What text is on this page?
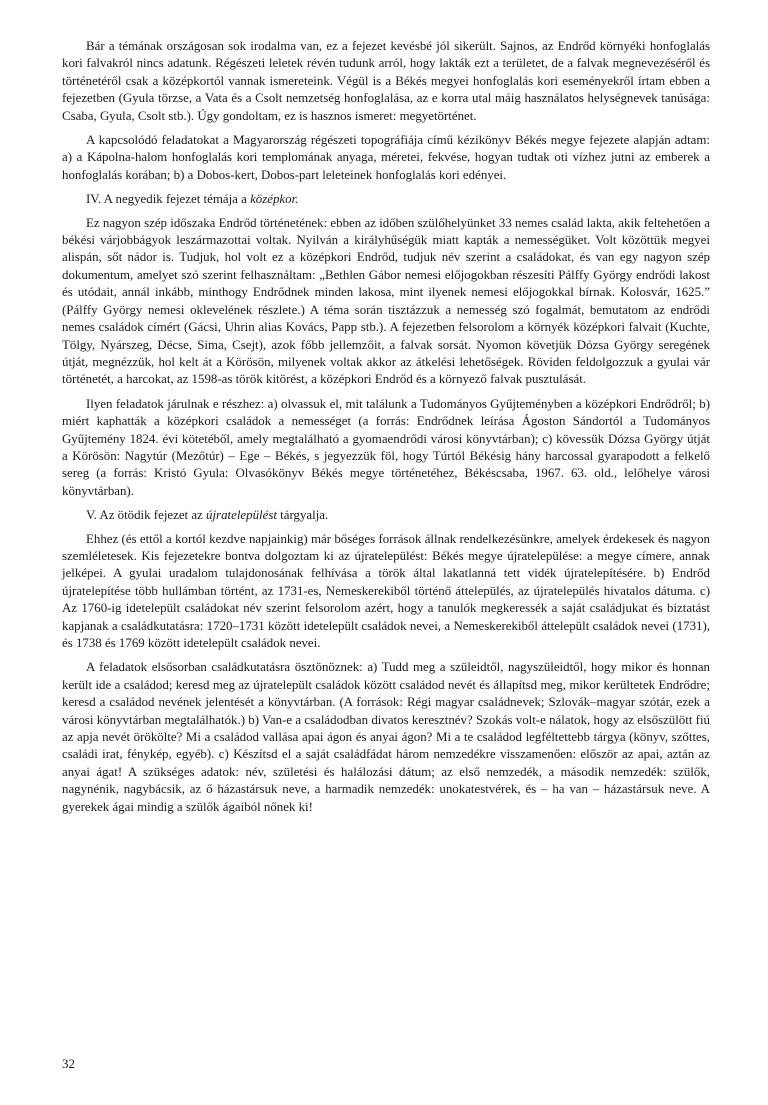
Bár a témának országosan sok irodalma van, ez a fejezet kevésbé jól sikerült. Sajnos, az Endrőd környéki honfoglalás kori falvakról nincs adatunk. Régészeti leletek révén tudunk arról, hogy lakták ezt a területet, de a falvak megnevezéséről és történetéről csak a középkortól vannak ismereteink. Végül is a Békés megyei honfoglalás kori eseményekről írtam ebben a fejezetben (Gyula törzse, a Vata és a Csolt nemzetség honfoglalása, az e korra utal máig használatos helységnevek tanúsága: Csaba, Gyula, Csolt stb.). Úgy gondoltam, ez is hasznos ismeret: megyetörténet.

A kapcsolódó feladatokat a Magyarország régészeti topográfiája című kézikönyv Békés megye fejezete alapján adtam: a) a Kápolna-halom honfoglalás kori templomának anyaga, méretei, fekvése, hogyan tudtak oti vízhez jutni az emberek a honfoglalás korában; b) a Dobos-kert, Dobos-part leleteinek honfoglalás kori edényei.

IV. A negyedik fejezet témája a középkor.

Ez nagyon szép időszaka Endrőd történetének: ebben az időben szülőhelyünket 33 nemes család lakta, akik feltehetően a békési várjobbágyok leszármazottai voltak. Nyilván a királyhűségük miatt kapták a nemességüket. Volt közöttük megyei alispán, sőt nádor is. Tudjuk, hol volt ez a középkori Endrőd, tudjuk név szerint a családokat, és van egy nagyon szép dokumentum, amelyet szó szerint felhasználtam: „Bethlen Gábor nemesi előjogokban részesíti Pálffy György endrődi lakost és utódait, annál inkább, minthogy Endrődnek minden lakosa, mint ilyenek nemesi előjogokkal bírnak. Kolosvár, 1625.” (Pálffy György nemesi oklevelének részlete.) A téma során tisztázzuk a nemesség szó fogalmát, bemutatom az endrődi nemes családok címért (Gácsi, Uhrin alias Kovács, Papp stb.). A fejezetben felsorolom a környék középkori falvait (Kuchte, Tölgy, Nyárszeg, Décse, Sima, Csejt), azok főbb jellemzőit, a falvak sorsát. Nyomon követjük Dózsa György seregének útját, megnézzük, hol kelt át a Körösön, milyenek voltak akkor az átkelési lehetőségek. Röviden feldolgozzuk a gyulai vár történetét, a harcokat, az 1598-as török kitörést, a középkori Endrőd és a környező falvak pusztulását.

Ilyen feladatok járulnak e részhez: a) olvassuk el, mit találunk a Tudományos Gyűjteményben a középkori Endrődről; b) miért kaphatták a középkori családok a nemességet (a forrás: Endrődnek leírása Ágoston Sándortól a Tudományos Gyűjtemény 1824. évi kötetéből, amely megtalálható a gyomaendrődi városi könyvtárban); c) kövessük Dózsa György útját a Körösön: Nagytúr (Mezőtúr) – Ege – Békés, s jegyezzük föl, hogy Túrtól Békésig hány harcossal gyarapodott a felkelő sereg (a forrás: Kristó Gyula: Olvasókönyv Békés megye történetéhez, Békéscsaba, 1967. 63. old., lelőhelye városi könyvtárban).

V. Az ötödik fejezet az újratelepülést tárgyalja.

Ehhez (és ettől a kortól kezdve napjainkig) már bőséges források állnak rendelkezésünkre, amelyek érdekesek és nagyon szemléletesek. Kis fejezetekre bontva dolgoztam ki az újratelepülést: Békés megye újratelepülése: a megye címere, annak jelképei. A gyulai uradalom tulajdonosának felhívása a török által lakatlanná tett vidék újratelepítésére. b) Endrőd újratelepítése több hullámban történt, az 1731-es, Nemeskerekiből történő áttelepülés, az újratelepülés hivatalos dátuma. c) Az 1760-ig idetelepült családokat név szerint felsorolom azért, hogy a tanulók megkeressék a saját családjukat és biztatást kapjanak a családkutatásra: 1720–1731 között idetelepült családok nevei, a Nemeskerekiből áttelepült családok nevei (1731), és 1738 és 1769 között idetelepült családok nevei.

A feladatok elsősorban családkutatásra ösztönöznek: a) Tudd meg a szüleidtől, nagyszüleidtől, hogy mikor és honnan került ide a családod; keresd meg az újratelepült családok között családod nevét és állapítsd meg, mikor kerültetek Endrődre; keresd a családod nevének jelentését a könyvtárban. (A források: Régi magyar családnevek; Szlovák–magyar szótár, ezek a városi könyvtárban megtalálhatók.) b) Van-e a családodban divatos keresztnév? Szokás volt-e nálatok, hogy az elsőszülött fiú az apja nevét örökölte? Mi a családod vallása apai ágon és anyai ágon? Mi a te családod legféltettebb tárgya (könyv, szőttes, családi irat, fénykép, egyéb). c) Készítsd el a saját családfádat három nemzedékre visszamenően: először az apai, aztán az anyai ágat! A szükséges adatok: név, születési és halálozási dátum; az első nemzedék, a második nemzedék: szülők, nagynénik, nagybácsik, az ő házastársuk neve, a harmadik nemzedék: unokatestvérek, és – ha van – házastársuk neve. A gyerekek ágai mindig a szülők ágaiból nőnek ki!

32
